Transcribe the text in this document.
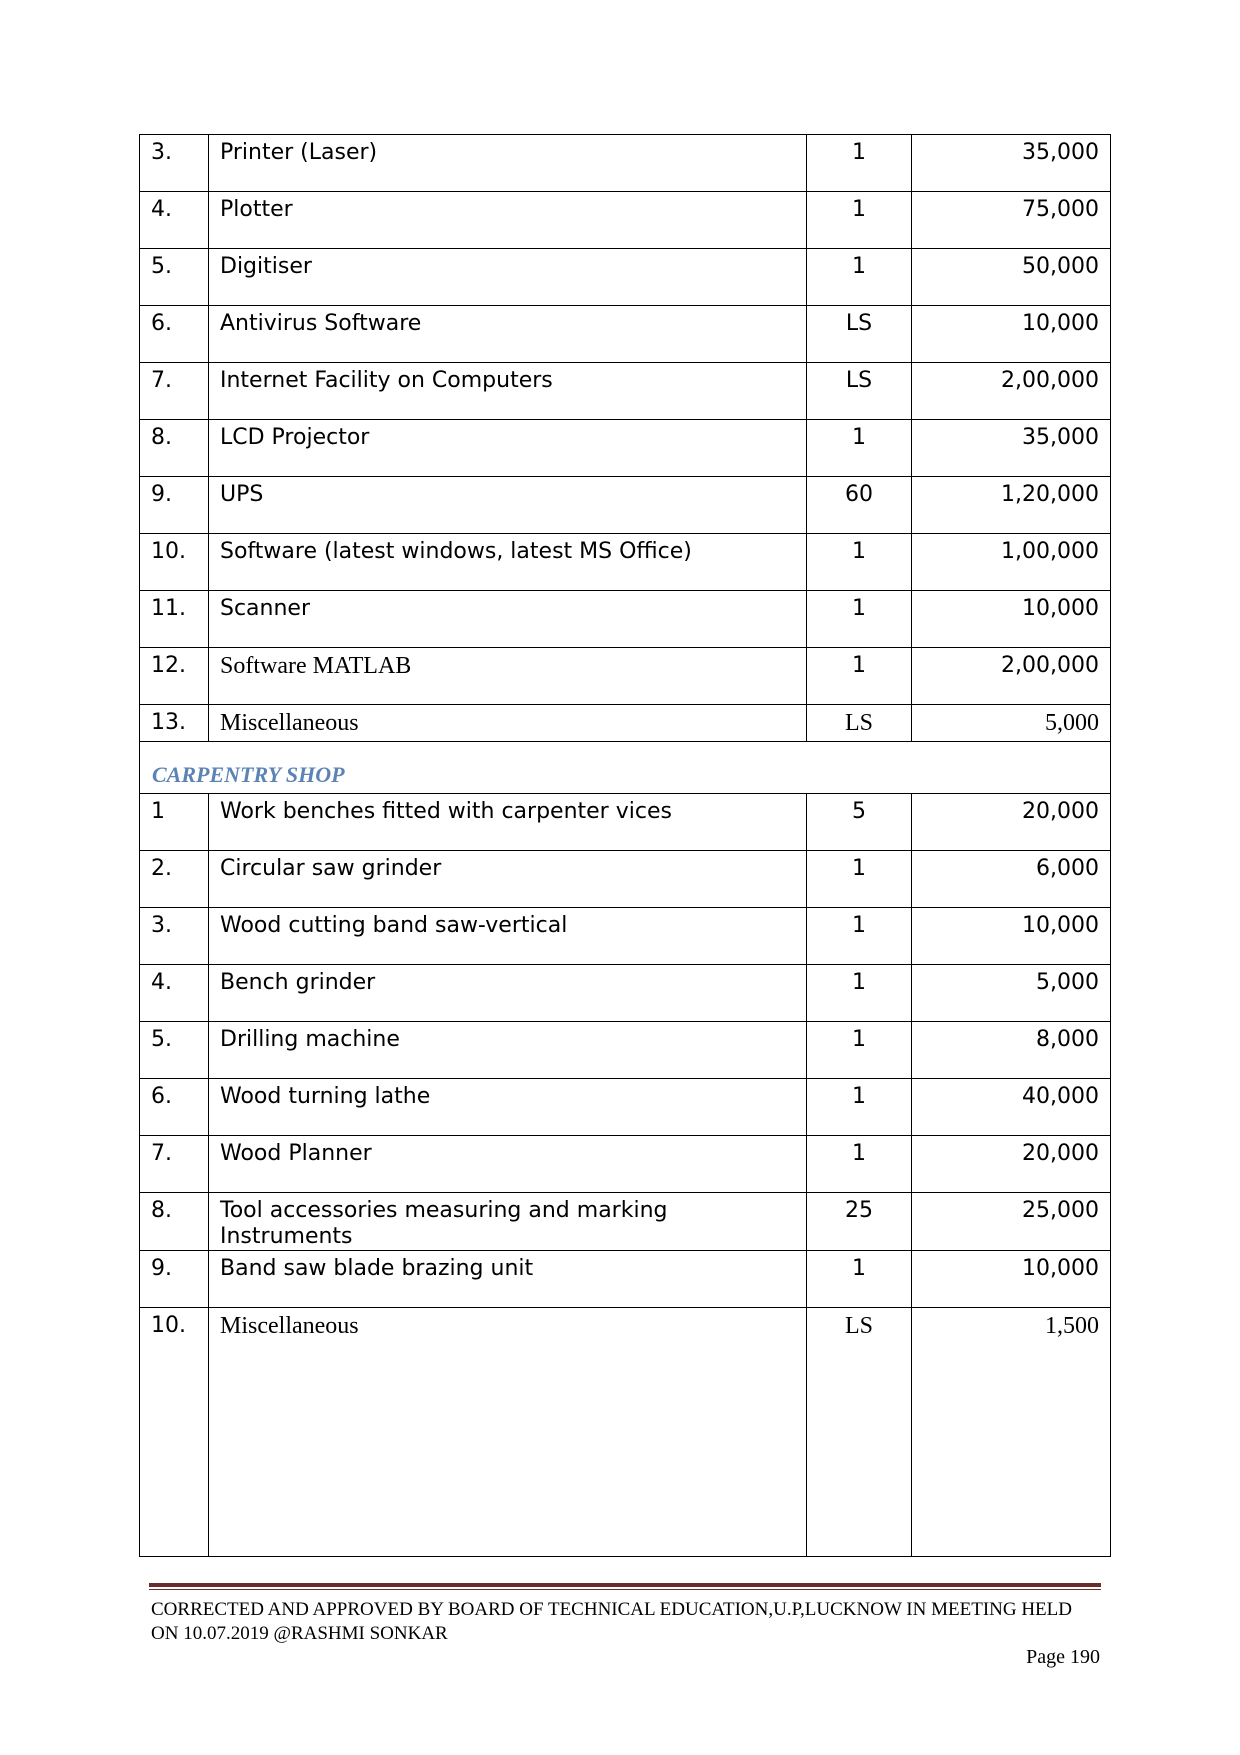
3.	Printer (Laser)	1	35,000
4.	Plotter	1	75,000
5.	Digitiser	1	50,000
6.	Antivirus Software	LS	10,000
7.	Internet Facility on Computers	LS	2,00,000
8.	LCD Projector	1	35,000
9.	UPS	60	1,20,000
10.	Software (latest windows, latest MS Office)	1	1,00,000
11.	Scanner	1	10,000
12.	Software MATLAB	1	2,00,000
13.	Miscellaneous	LS	5,000
CARPENTRY SHOP			
1	Work benches fitted with carpenter vices	5	20,000
2.	Circular saw grinder	1	6,000
3.	Wood cutting band saw-vertical	1	10,000
4.	Bench grinder	1	5,000
5.	Drilling machine	1	8,000
6.	Wood turning lathe	1	40,000
7.	Wood Planner	1	20,000
8.	Tool accessories measuring and marking Instruments	25	25,000
9.	Band saw blade brazing unit	1	10,000
10.	Miscellaneous	LS	1,500
CORRECTED AND APPROVED BY BOARD OF TECHNICAL EDUCATION,U.P,LUCKNOW IN MEETING HELD
ON 10.07.2019 @RASHMI SONKAR
Page 190
